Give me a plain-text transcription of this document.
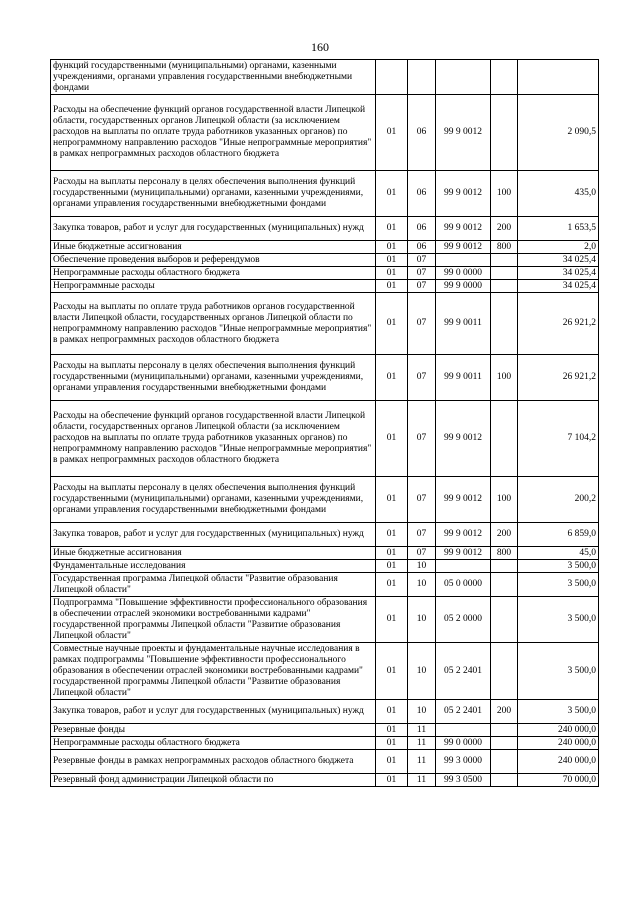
160
функций государственными (муниципальными) органами, казенными учреждениями, органами управления государственными внебюджетными фондами					
Расходы на обеспечение функций органов государственной власти Липецкой области, государственных органов Липецкой области (за исключением расходов на выплаты по оплате труда работников указанных органов) по непрограммному направлению расходов "Иные непрограммные мероприятия" в рамках непрограммных расходов областного бюджета	01	06	99 9 0012		2 090,5
Расходы на выплаты персоналу в целях обеспечения выполнения функций государственными (муниципальными) органами, казенными учреждениями, органами управления государственными внебюджетными фондами	01	06	99 9 0012	100	435,0
Закупка товаров, работ и услуг для государственных (муниципальных) нужд	01	06	99 9 0012	200	1 653,5
Иные бюджетные ассигнования	01	06	99 9 0012	800	2,0
Обеспечение проведения выборов и референдумов	01	07			34 025,4
Непрограммные расходы областного бюджета	01	07	99 0 0000		34 025,4
Непрограммные расходы	01	07	99 9 0000		34 025,4
Расходы на выплаты по оплате труда работников органов государственной власти Липецкой области, государственных органов Липецкой области по непрограммному направлению расходов "Иные непрограммные мероприятия" в рамках непрограммных расходов областного бюджета	01	07	99 9 0011		26 921,2
Расходы на выплаты персоналу в целях обеспечения выполнения функций государственными (муниципальными) органами, казенными учреждениями, органами управления государственными внебюджетными фондами	01	07	99 9 0011	100	26 921,2
Расходы на обеспечение функций органов государственной власти Липецкой области, государственных органов Липецкой области (за исключением расходов на выплаты по оплате труда работников указанных органов) по непрограммному направлению расходов "Иные непрограммные мероприятия" в рамках непрограммных расходов областного бюджета	01	07	99 9 0012		7 104,2
Расходы на выплаты персоналу в целях обеспечения выполнения функций государственными (муниципальными) органами, казенными учреждениями, органами управления государственными внебюджетными фондами	01	07	99 9 0012	100	200,2
Закупка товаров, работ и услуг для государственных (муниципальных) нужд	01	07	99 9 0012	200	6 859,0
Иные бюджетные ассигнования	01	07	99 9 0012	800	45,0
Фундаментальные исследования	01	10			3 500,0
Государственная программа Липецкой области "Развитие образования Липецкой области"	01	10	05 0 0000		3 500,0
Подпрограмма "Повышение эффективности профессионального образования в обеспечении отраслей экономики востребованными кадрами" государственной программы Липецкой области "Развитие образования Липецкой области"	01	10	05 2 0000		3 500,0
Совместные научные проекты и фундаментальные научные исследования в рамках подпрограммы "Повышение эффективности профессионального образования в обеспечении отраслей экономики востребованными кадрами" государственной программы Липецкой области "Развитие образования Липецкой области"	01	10	05 2 2401		3 500,0
Закупка товаров, работ и услуг для государственных (муниципальных) нужд	01	10	05 2 2401	200	3 500,0
Резервные фонды	01	11			240 000,0
Непрограммные расходы областного бюджета	01	11	99 0 0000		240 000,0
Резервные фонды в рамках непрограммных расходов областного бюджета	01	11	99 3 0000		240 000,0
Резервный фонд администрации Липецкой области по	01	11	99 3 0500		70 000,0
